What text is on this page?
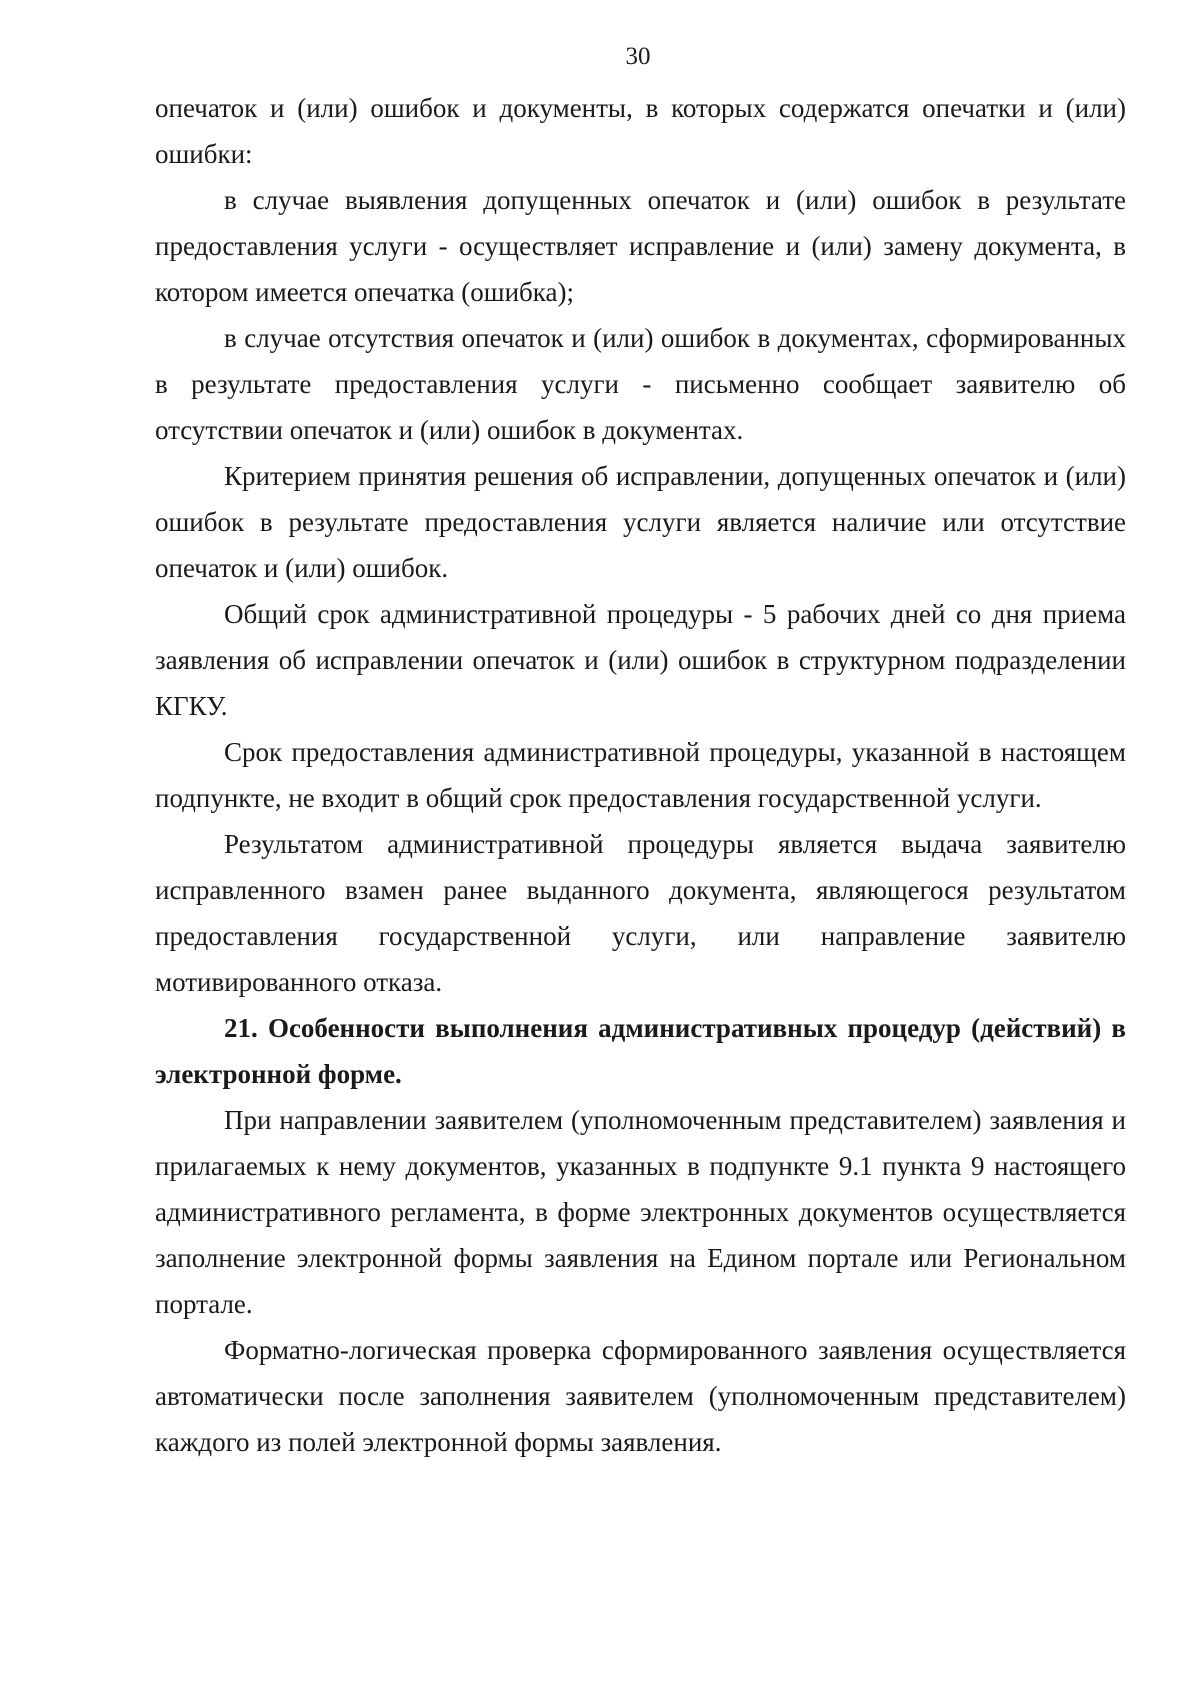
30

опечаток и (или) ошибок и документы, в которых содержатся опечатки и (или) ошибки:

в случае выявления допущенных опечаток и (или) ошибок в результате предоставления услуги - осуществляет исправление и (или) замену документа, в котором имеется опечатка (ошибка);

в случае отсутствия опечаток и (или) ошибок в документах, сформированных в результате предоставления услуги - письменно сообщает заявителю об отсутствии опечаток и (или) ошибок в документах.

Критерием принятия решения об исправлении, допущенных опечаток и (или) ошибок в результате предоставления услуги является наличие или отсутствие опечаток и (или) ошибок.

Общий срок административной процедуры - 5 рабочих дней со дня приема заявления об исправлении опечаток и (или) ошибок в структурном подразделении КГКУ.

Срок предоставления административной процедуры, указанной в настоящем подпункте, не входит в общий срок предоставления государственной услуги.

Результатом административной процедуры является выдача заявителю исправленного взамен ранее выданного документа, являющегося результатом предоставления государственной услуги, или направление заявителю мотивированного отказа.

21. Особенности выполнения административных процедур (действий) в электронной форме.

При направлении заявителем (уполномоченным представителем) заявления и прилагаемых к нему документов, указанных в подпункте 9.1 пункта 9 настоящего административного регламента, в форме электронных документов осуществляется заполнение электронной формы заявления на Едином портале или Региональном портале.

Форматно-логическая проверка сформированного заявления осуществляется автоматически после заполнения заявителем (уполномоченным представителем) каждого из полей электронной формы заявления.
